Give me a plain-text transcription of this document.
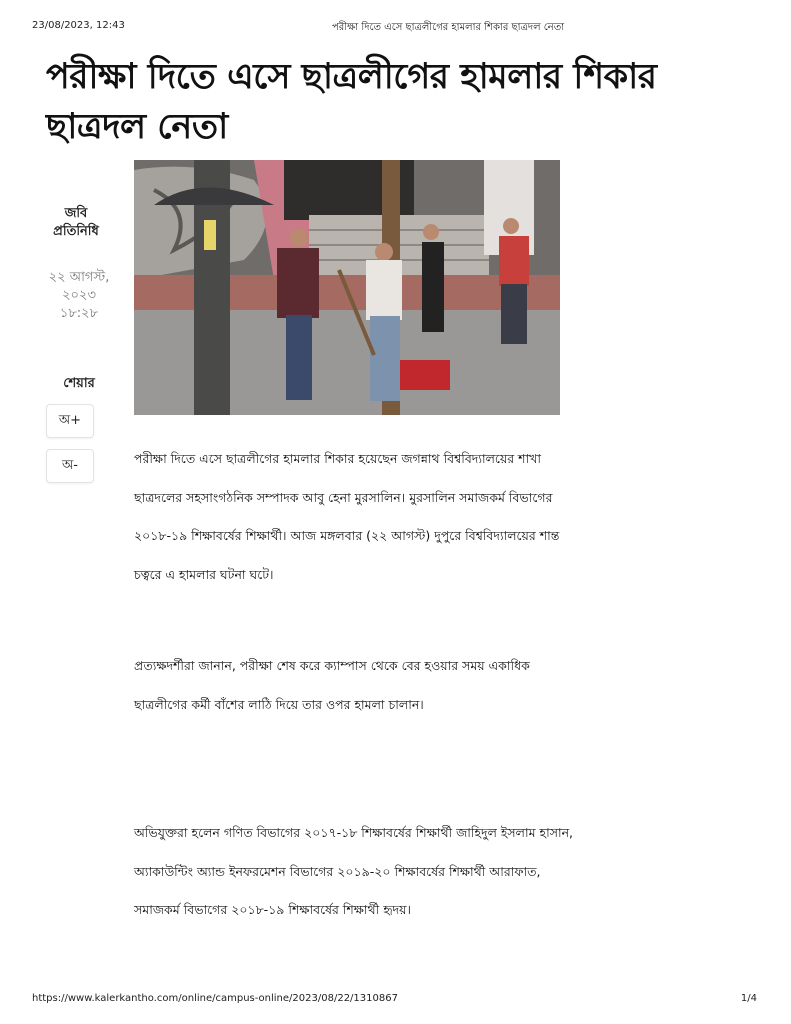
23/08/2023, 12:43	পরীক্ষা দিতে এসে ছাত্রলীগের হামলার শিকার ছাত্রদল নেতা
পরীক্ষা দিতে এসে ছাত্রলীগের হামলার শিকার ছাত্রদল নেতা
জবি প্রতিনিধি
২২ আগস্ট, ২০২৩ ১৮:২৮
শেয়ার
অ+
অ-	পরীক্ষা দিতে এসে ছাত্রলীগের হামলার শিকার হয়েছেন জগন্নাথ বিশ্ববিদ্যালয়ের শাখা ছাত্রদলের সহসাংগঠনিক সম্পাদক আবু হেনা মুরসালিন। মুরসালিন সমাজকর্ম বিভাগের ২০১৮-১৯ শিক্ষাবর্ষের শিক্ষার্থী। আজ মঙ্গলবার (২২ আগস্ট) দুপুরে বিশ্ববিদ্যালয়ের শান্ত চত্বরে এ হামলার ঘটনা ঘটে।

প্রত্যক্ষদর্শীরা জানান, পরীক্ষা শেষ করে ক্যাম্পাস থেকে বের হওয়ার সময় একাধিক ছাত্রলীগের কর্মী বাঁশের লাঠি দিয়ে তার ওপর হামলা চালান।

অভিযুক্তরা হলেন গণিত বিভাগের ২০১৭-১৮ শিক্ষাবর্ষের শিক্ষার্থী জাহিদুল ইসলাম হাসান, অ্যাকাউন্টিং অ্যান্ড ইনফরমেশন বিভাগের ২০১৯-২০ শিক্ষাবর্ষের শিক্ষার্থী আরাফাত, সমাজকর্ম বিভাগের ২০১৮-১৯ শিক্ষাবর্ষের শিক্ষার্থী হৃদয়।

https://www.kalerkantho.com/online/campus-online/2023/08/22/1310867	1/4
